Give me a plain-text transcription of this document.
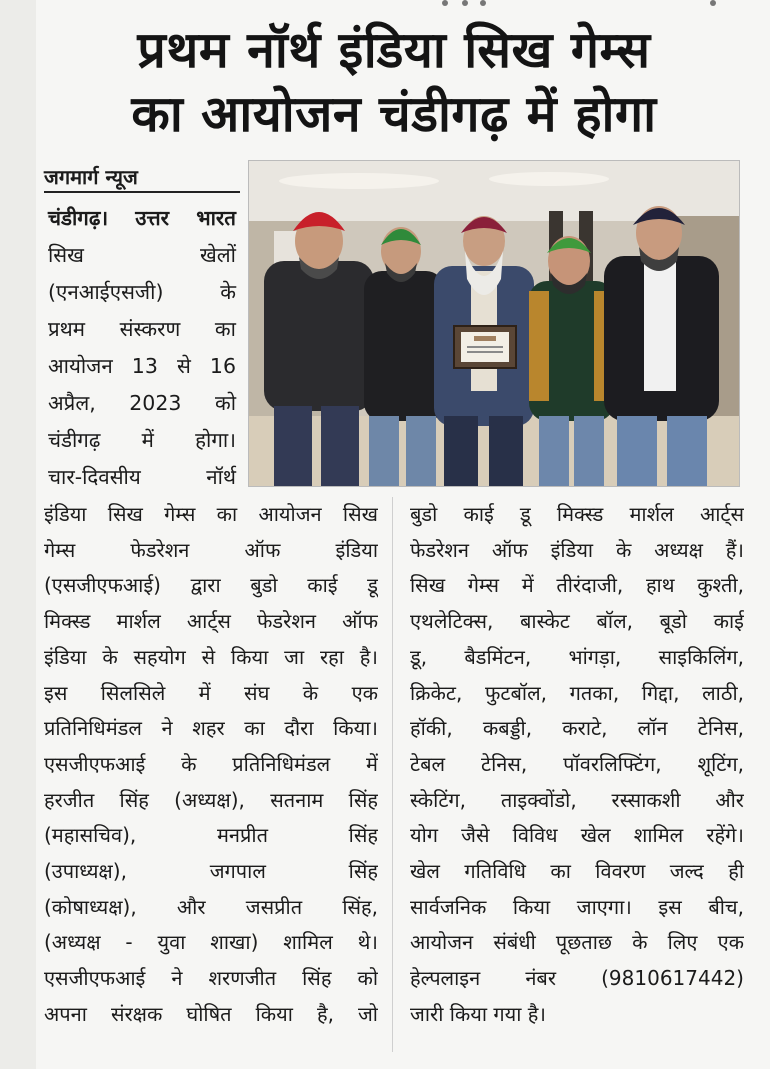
प्रथम नॉर्थ इंडिया सिख गेम्स
का आयोजन चंडीगढ़ में होगा
जगमार्ग न्यूज
चंडीगढ़। उत्तर भारत
सिख खेलों
(एनआईएसजी) के
प्रथम संस्करण का
आयोजन 13 से 16
अप्रैल, 2023 को
चंडीगढ़ में होगा।
चार-दिवसीय नॉर्थ
इंडिया सिख गेम्स का आयोजन सिख
गेम्स फेडरेशन ऑफ इंडिया
(एसजीएफआई) द्वारा बुडो काई डू
मिक्स्ड मार्शल आर्ट्स फेडरेशन ऑफ
इंडिया के सहयोग से किया जा रहा है।
इस सिलसिले में संघ के एक
प्रतिनिधिमंडल ने शहर का दौरा किया।
एसजीएफआई के प्रतिनिधिमंडल में
हरजीत सिंह (अध्यक्ष), सतनाम सिंह
(महासचिव), मनप्रीत सिंह
(उपाध्यक्ष), जगपाल सिंह
(कोषाध्यक्ष), और जसप्रीत सिंह,
(अध्यक्ष - युवा शाखा) शामिल थे।
एसजीएफआई ने शरणजीत सिंह को
अपना संरक्षक घोषित किया है, जो
बुडो काई डू मिक्स्ड मार्शल आर्ट्स
फेडरेशन ऑफ इंडिया के अध्यक्ष हैं।
सिख गेम्स में तीरंदाजी, हाथ कुश्ती,
एथलेटिक्स, बास्केट बॉल, बूडो काई
डू, बैडमिंटन, भांगड़ा, साइकिलिंग,
क्रिकेट, फुटबॉल, गतका, गिद्दा, लाठी,
हॉकी, कबड्डी, कराटे, लॉन टेनिस,
टेबल टेनिस, पॉवरलिफ्टिंग, शूटिंग,
स्केटिंग, ताइक्वोंडो, रस्साकशी और
योग जैसे विविध खेल शामिल रहेंगे।
खेल गतिविधि का विवरण जल्द ही
सार्वजनिक किया जाएगा। इस बीच,
आयोजन संबंधी पूछताछ के लिए एक
हेल्पलाइन नंबर (9810617442)
जारी किया गया है।
